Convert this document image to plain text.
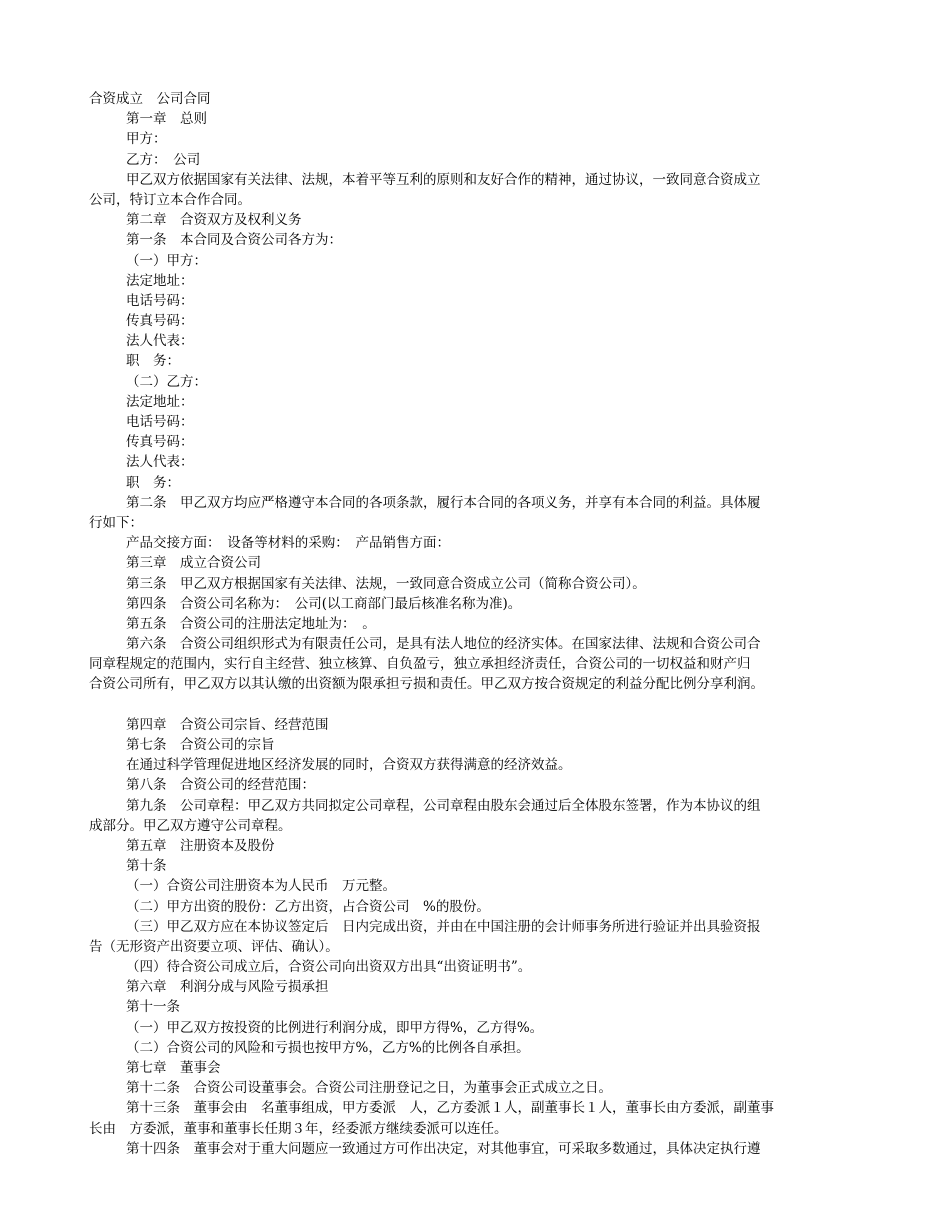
合资成立　公司合同
第一章　总则
甲方：
乙方：　公司
甲乙双方依据国家有关法律、法规，本着平等互利的原则和友好合作的精神，通过协议，一致同意合资成立
公司，特订立本合作合同。
第二章　合资双方及权利义务
第一条　本合同及合资公司各方为：
（一）甲方：
法定地址：
电话号码：
传真号码：
法人代表：
职　务：
（二）乙方：
法定地址：
电话号码：
传真号码：
法人代表：
职　务：
第二条　甲乙双方均应严格遵守本合同的各项条款，履行本合同的各项义务，并享有本合同的利益。具体履
行如下：
产品交接方面：　设备等材料的采购：　产品销售方面：
第三章　成立合资公司
第三条　甲乙双方根据国家有关法律、法规，一致同意合资成立公司（简称合资公司）。
第四条　合资公司名称为：　公司(以工商部门最后核准名称为准)。
第五条　合资公司的注册法定地址为：　。
第六条　合资公司组织形式为有限责任公司，是具有法人地位的经济实体。在国家法律、法规和合资公司合
同章程规定的范围内，实行自主经营、独立核算、自负盈亏，独立承担经济责任，合资公司的一切权益和财产归
合资公司所有，甲乙双方以其认缴的出资额为限承担亏损和责任。甲乙双方按合资规定的利益分配比例分享利润。
第四章　合资公司宗旨、经营范围
第七条　合资公司的宗旨
在通过科学管理促进地区经济发展的同时，合资双方获得满意的经济效益。
第八条　合资公司的经营范围：
第九条　公司章程：甲乙双方共同拟定公司章程，公司章程由股东会通过后全体股东签署，作为本协议的组
成部分。甲乙双方遵守公司章程。
第五章　注册资本及股份
第十条
（一）合资公司注册资本为人民币　万元整。
（二）甲方出资的股份：乙方出资，占合资公司　%的股份。
（三）甲乙双方应在本协议签定后　日内完成出资，并由在中国注册的会计师事务所进行验证并出具验资报
告（无形资产出资要立项、评估、确认）。
（四）待合资公司成立后，合资公司向出资双方出具“出资证明书”。
第六章　利润分成与风险亏损承担
第十一条
（一）甲乙双方按投资的比例进行利润分成，即甲方得%，乙方得%。
（二）合资公司的风险和亏损也按甲方%，乙方%的比例各自承担。
第七章　董事会
第十二条　合资公司设董事会。合资公司注册登记之日，为董事会正式成立之日。
第十三条　董事会由　名董事组成，甲方委派　人，乙方委派１人，副董事长１人，董事长由方委派，副董事
长由　方委派，董事和董事长任期３年，经委派方继续委派可以连任。
第十四条　董事会对于重大问题应一致通过方可作出决定，对其他事宜，可采取多数通过，具体决定执行遵
